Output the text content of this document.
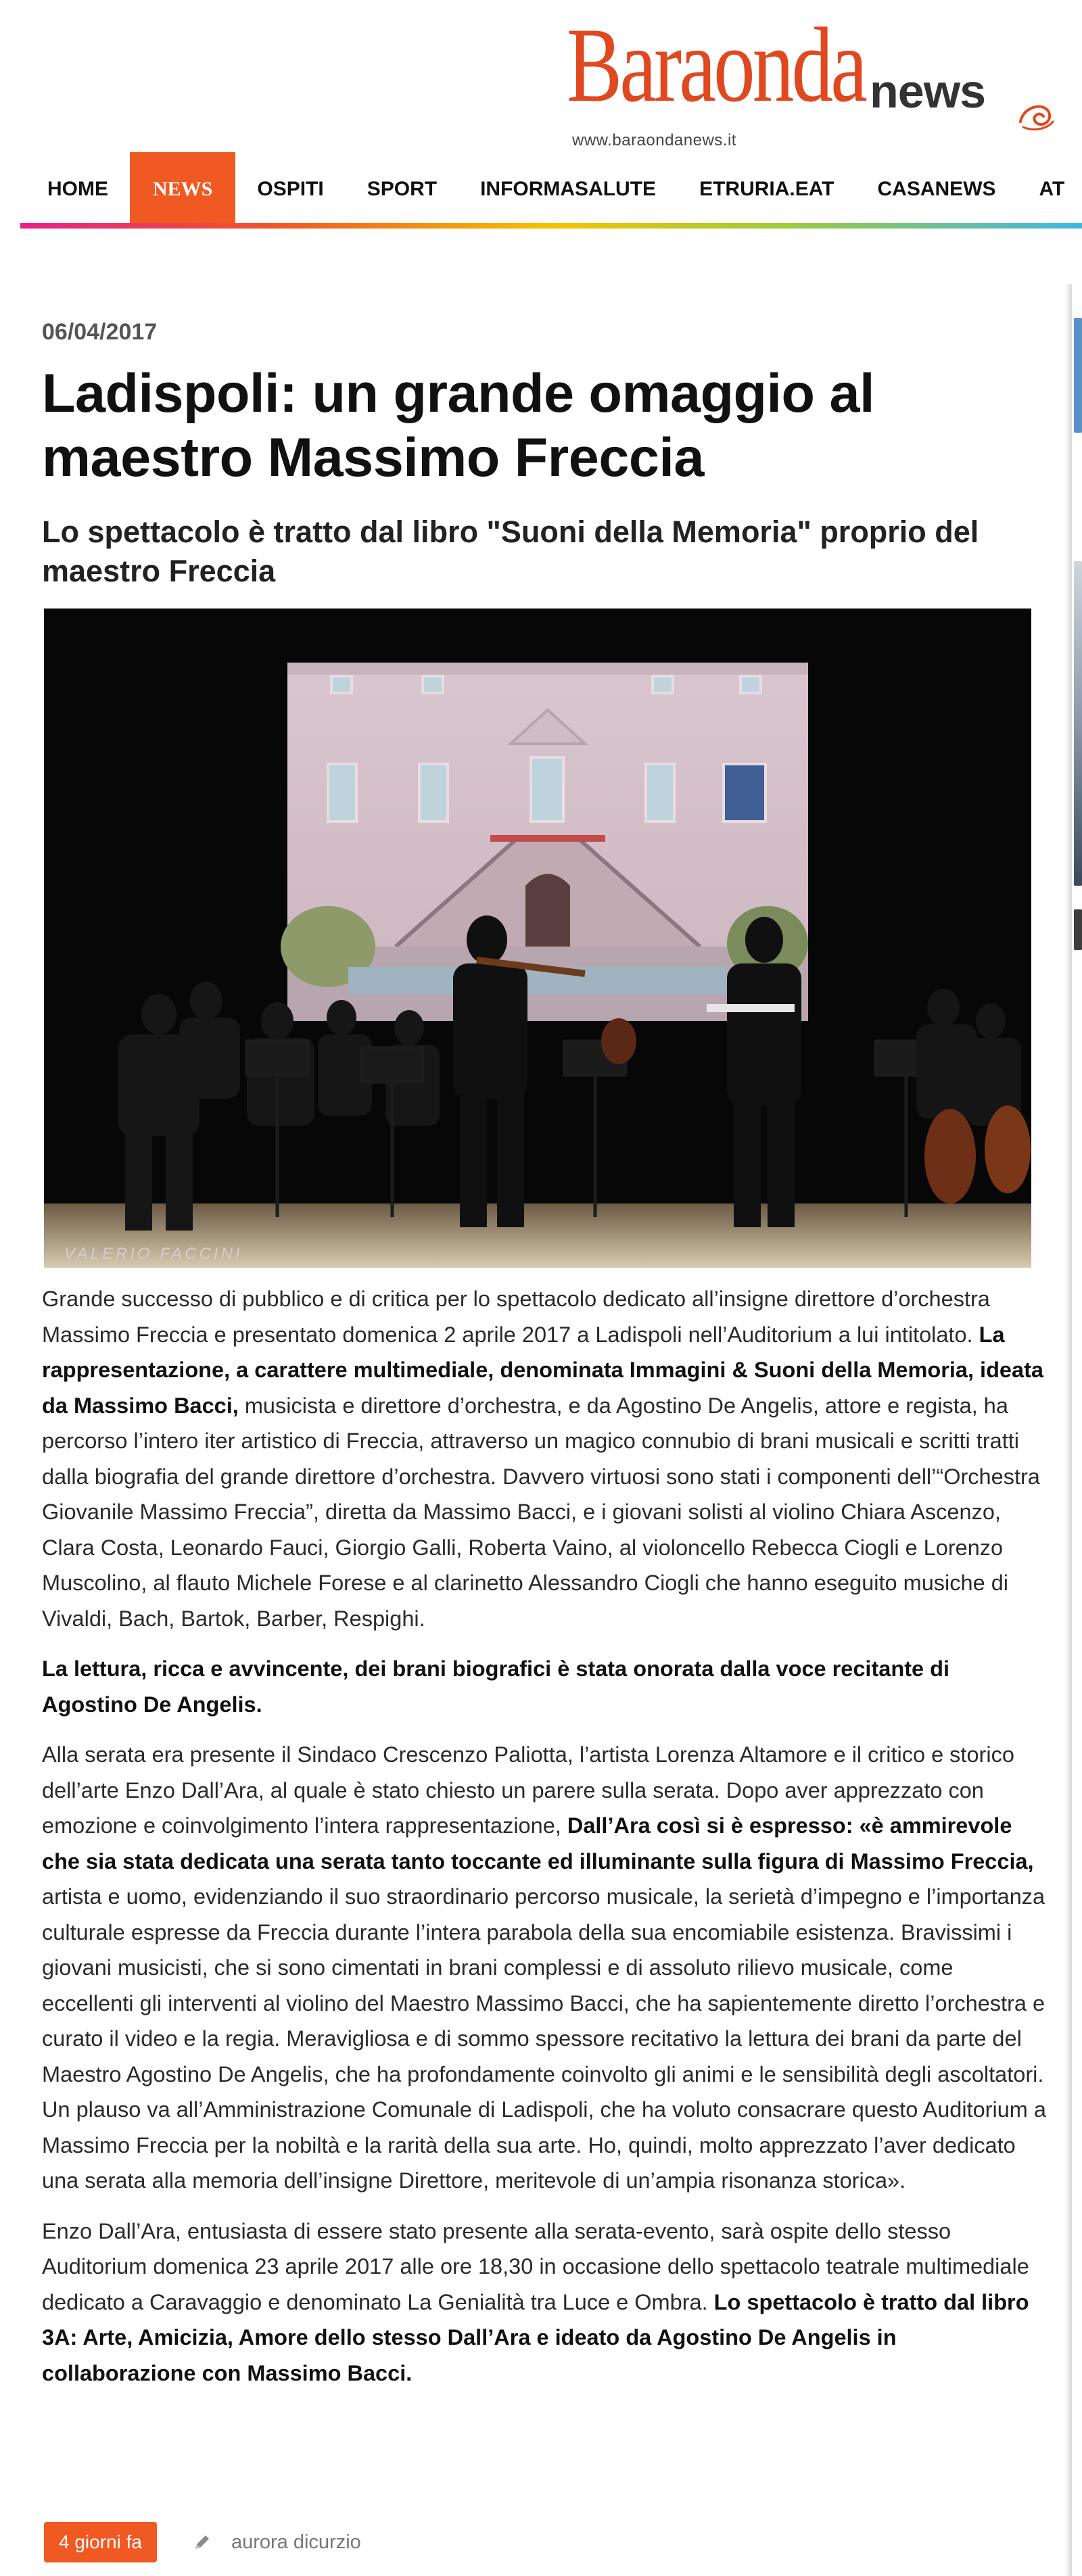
Baraonda news
www.baraondanews.it
HOME	NEWS	OSPITI	SPORT	INFORMASALUTE	ETRURIA.EAT	CASANEWS	AT
06/04/2017
Ladispoli: un grande omaggio al maestro Massimo Freccia
Lo spettacolo è tratto dal libro "Suoni della Memoria" proprio del maestro Freccia
VALERIO FACCINI

Grande successo di pubblico e di critica per lo spettacolo dedicato all’insigne direttore d’orchestra Massimo Freccia e presentato domenica 2 aprile 2017 a Ladispoli nell’Auditorium a lui intitolato. La rappresentazione, a carattere multimediale, denominata Immagini & Suoni della Memoria, ideata da Massimo Bacci, musicista e direttore d’orchestra, e da Agostino De Angelis, attore e regista, ha percorso l’intero iter artistico di Freccia, attraverso un magico connubio di brani musicali e scritti tratti dalla biografia del grande direttore d’orchestra. Davvero virtuosi sono stati i componenti dell’“Orchestra Giovanile Massimo Freccia”, diretta da Massimo Bacci, e i giovani solisti al violino Chiara Ascenzo, Clara Costa, Leonardo Fauci, Giorgio Galli, Roberta Vaino, al violoncello Rebecca Ciogli e Lorenzo Muscolino, al flauto Michele Forese e al clarinetto Alessandro Ciogli che hanno eseguito musiche di Vivaldi, Bach, Bartok, Barber, Respighi.

La lettura, ricca e avvincente, dei brani biografici è stata onorata dalla voce recitante di Agostino De Angelis.

Alla serata era presente il Sindaco Crescenzo Paliotta, l’artista Lorenza Altamore e il critico e storico dell’arte Enzo Dall’Ara, al quale è stato chiesto un parere sulla serata. Dopo aver apprezzato con emozione e coinvolgimento l’intera rappresentazione, Dall’Ara così si è espresso: «è ammirevole che sia stata dedicata una serata tanto toccante ed illuminante sulla figura di Massimo Freccia, artista e uomo, evidenziando il suo straordinario percorso musicale, la serietà d’impegno e l’importanza culturale espresse da Freccia durante l’intera parabola della sua encomiabile esistenza. Bravissimi i giovani musicisti, che si sono cimentati in brani complessi e di assoluto rilievo musicale, come eccellenti gli interventi al violino del Maestro Massimo Bacci, che ha sapientemente diretto l’orchestra e curato il video e la regia. Meravigliosa e di sommo spessore recitativo la lettura dei brani da parte del Maestro Agostino De Angelis, che ha profondamente coinvolto gli animi e le sensibilità degli ascoltatori. Un plauso va all’Amministrazione Comunale di Ladispoli, che ha voluto consacrare questo Auditorium a Massimo Freccia per la nobiltà e la rarità della sua arte. Ho, quindi, molto apprezzato l’aver dedicato una serata alla memoria dell’insigne Direttore, meritevole di un’ampia risonanza storica».

Enzo Dall’Ara, entusiasta di essere stato presente alla serata-evento, sarà ospite dello stesso Auditorium domenica 23 aprile 2017 alle ore 18,30 in occasione dello spettacolo teatrale multimediale dedicato a Caravaggio e denominato La Genialità tra Luce e Ombra. Lo spettacolo è tratto dal libro 3A: Arte, Amicizia, Amore dello stesso Dall’Ara e ideato da Agostino De Angelis in collaborazione con Massimo Bacci.

4 giorni fa	aurora dicurzio
